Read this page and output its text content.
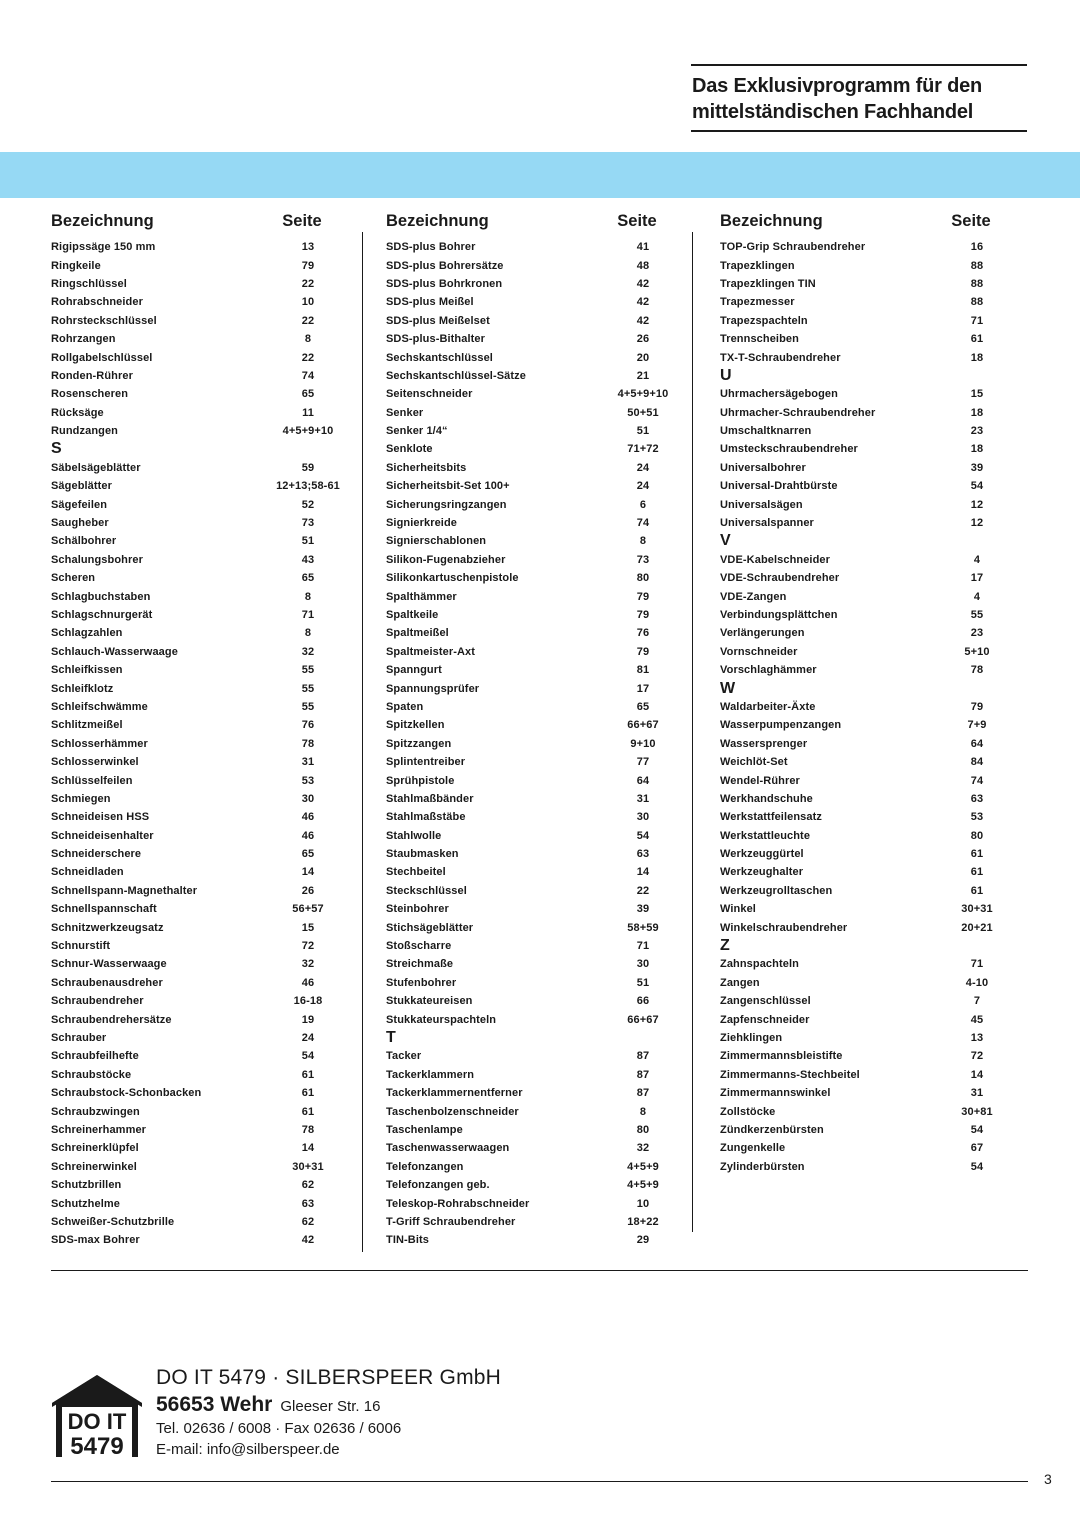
Das Exklusivprogramm für den
mittelständischen Fachhandel
Bezeichnung	Seite
Rigipssäge 150 mm	13
Ringkeile	79
Ringschlüssel	22
Rohrabschneider	10
Rohrsteckschlüssel	22
Rohrzangen	8
Rollgabelschlüssel	22
Ronden-Rührer	74
Rosenscheren	65
Rücksäge	11
Rundzangen	4+5+9+10
S
Säbelsägeblätter	59
Sägeblätter	12+13;58-61
Sägefeilen	52
Saugheber	73
Schälbohrer	51
Schalungsbohrer	43
Scheren	65
Schlagbuchstaben	8
Schlagschnurgerät	71
Schlagzahlen	8
Schlauch-Wasserwaage	32
Schleifkissen	55
Schleifklotz	55
Schleifschwämme	55
Schlitzmeißel	76
Schlosserhämmer	78
Schlosserwinkel	31
Schlüsselfeilen	53
Schmiegen	30
Schneideisen HSS	46
Schneideisenhalter	46
Schneiderschere	65
Schneidladen	14
Schnellspann-Magnethalter	26
Schnellspannschaft	56+57
Schnitzwerkzeugsatz	15
Schnurstift	72
Schnur-Wasserwaage	32
Schraubenausdreher	46
Schraubendreher	16-18
Schraubendrehersätze	19
Schrauber	24
Schraubfeilhefte	54
Schraubstöcke	61
Schraubstock-Schonbacken	61
Schraubzwingen	61
Schreinerhammer	78
Schreinerklüpfel	14
Schreinerwinkel	30+31
Schutzbrillen	62
Schutzhelme	63
Schweißer-Schutzbrille	62
SDS-max Bohrer	42
Bezeichnung	Seite
SDS-plus Bohrer	41
SDS-plus Bohrersätze	48
SDS-plus Bohrkronen	42
SDS-plus Meißel	42
SDS-plus Meißelset	42
SDS-plus-Bithalter	26
Sechskantschlüssel	20
Sechskantschlüssel-Sätze	21
Seitenschneider	4+5+9+10
Senker	50+51
Senker 1/4“	51
Senklote	71+72
Sicherheitsbits	24
Sicherheitsbit-Set 100+	24
Sicherungsringzangen	6
Signierkreide	74
Signierschablonen	8
Silikon-Fugenabzieher	73
Silikonkartuschenpistole	80
Spalthämmer	79
Spaltkeile	79
Spaltmeißel	76
Spaltmeister-Axt	79
Spanngurt	81
Spannungsprüfer	17
Spaten	65
Spitzkellen	66+67
Spitzzangen	9+10
Splintentreiber	77
Sprühpistole	64
Stahlmaßbänder	31
Stahlmaßstäbe	30
Stahlwolle	54
Staubmasken	63
Stechbeitel	14
Steckschlüssel	22
Steinbohrer	39
Stichsägeblätter	58+59
Stoßscharre	71
Streichmaße	30
Stufenbohrer	51
Stukkateureisen	66
Stukkateurspachteln	66+67
T
Tacker	87
Tackerklammern	87
Tackerklammernentferner	87
Taschenbolzenschneider	8
Taschenlampe	80
Taschenwasserwaagen	32
Telefonzangen	4+5+9
Telefonzangen geb.	4+5+9
Teleskop-Rohrabschneider	10
T-Griff Schraubendreher	18+22
TIN-Bits	29
Bezeichnung	Seite
TOP-Grip Schraubendreher	16
Trapezklingen	88
Trapezklingen TIN	88
Trapezmesser	88
Trapezspachteln	71
Trennscheiben	61
TX-T-Schraubendreher	18
U
Uhrmachersägebogen	15
Uhrmacher-Schraubendreher	18
Umschaltknarren	23
Umsteckschraubendreher	18
Universalbohrer	39
Universal-Drahtbürste	54
Universalsägen	12
Universalspanner	12
V
VDE-Kabelschneider	4
VDE-Schraubendreher	17
VDE-Zangen	4
Verbindungsplättchen	55
Verlängerungen	23
Vornschneider	5+10
Vorschlaghämmer	78
W
Waldarbeiter-Äxte	79
Wasserpumpenzangen	7+9
Wassersprenger	64
Weichlöt-Set	84
Wendel-Rührer	74
Werkhandschuhe	63
Werkstattfeilensatz	53
Werkstattleuchte	80
Werkzeuggürtel	61
Werkzeughalter	61
Werkzeugrolltaschen	61
Winkel	30+31
Winkelschraubendreher	20+21
Z
Zahnspachteln	71
Zangen	4-10
Zangenschlüssel	7
Zapfenschneider	45
Ziehklingen	13
Zimmermannsbleistifte	72
Zimmermanns-Stechbeitel	14
Zimmermannswinkel	31
Zollstöcke	30+81
Zündkerzenbürsten	54
Zungenkelle	67
Zylinderbürsten	54
DO IT
5479
DO IT 5479 · SILBERSPEER GmbH
56653 Wehr Gleeser Str. 16
Tel. 02636 / 6008 · Fax 02636 / 6006
E-mail: info@silberspeer.de
3
